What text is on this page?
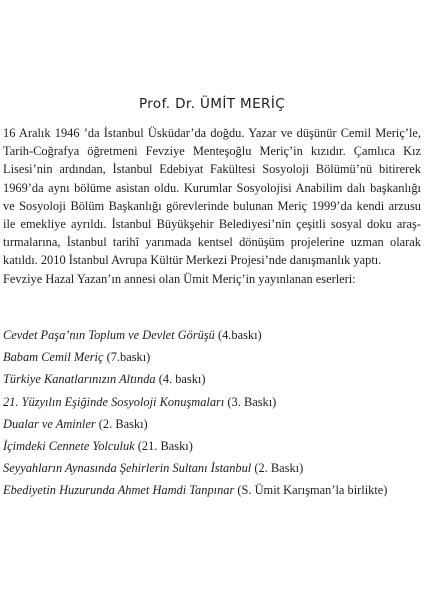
Prof. Dr. ÜMİT MERİÇ
16 Aralık 1946 ’da İstanbul Üsküdar’da doğdu. Yazar ve düşünür Cemil Meriç’le,
Tarih-Coğrafya öğretmeni Fevziye Menteşoğlu Meriç’in kızıdır. Çamlıca Kız
Lisesi’nin ardından, İstanbul Edebiyat Fakültesi Sosyoloji Bölümü’nü bitirerek
1969’da aynı bölüme asistan oldu. Kurumlar Sosyolojisi Anabilim dalı başkanlığı
ve Sosyoloji Bölüm Başkanlığı görevlerinde bulunan Meriç 1999’da kendi arzusu
ile emekliye ayrıldı. İstanbul Büyükşehir Belediyesi’nin çeşitli sosyal doku araş-
tırmalarına, İstanbul tarihî yarımada kentsel dönüşüm projelerine uzman olarak
katıldı. 2010 İstanbul Avrupa Kültür Merkezi Projesi’nde danışmanlık yaptı.
Fevziye Hazal Yazan’ın annesi olan Ümit Meriç’in yayınlanan eserleri:
Cevdet Paşa’nın Toplum ve Devlet Görüşü (4.baskı)
Babam Cemil Meriç (7.baskı)
Türkiye Kanatlarınızın Altında (4. baskı)
21. Yüzyılın Eşiğinde Sosyoloji Konuşmaları (3. Baskı)
Dualar ve Aminler (2. Baskı)
İçimdeki Cennete Yolculuk (21. Baskı)
Seyyahların Aynasında Şehirlerin Sultanı İstanbul (2. Baskı)
Ebediyetin Huzurunda Ahmet Hamdi Tanpınar (S. Ümit Karışman’la birlikte)
